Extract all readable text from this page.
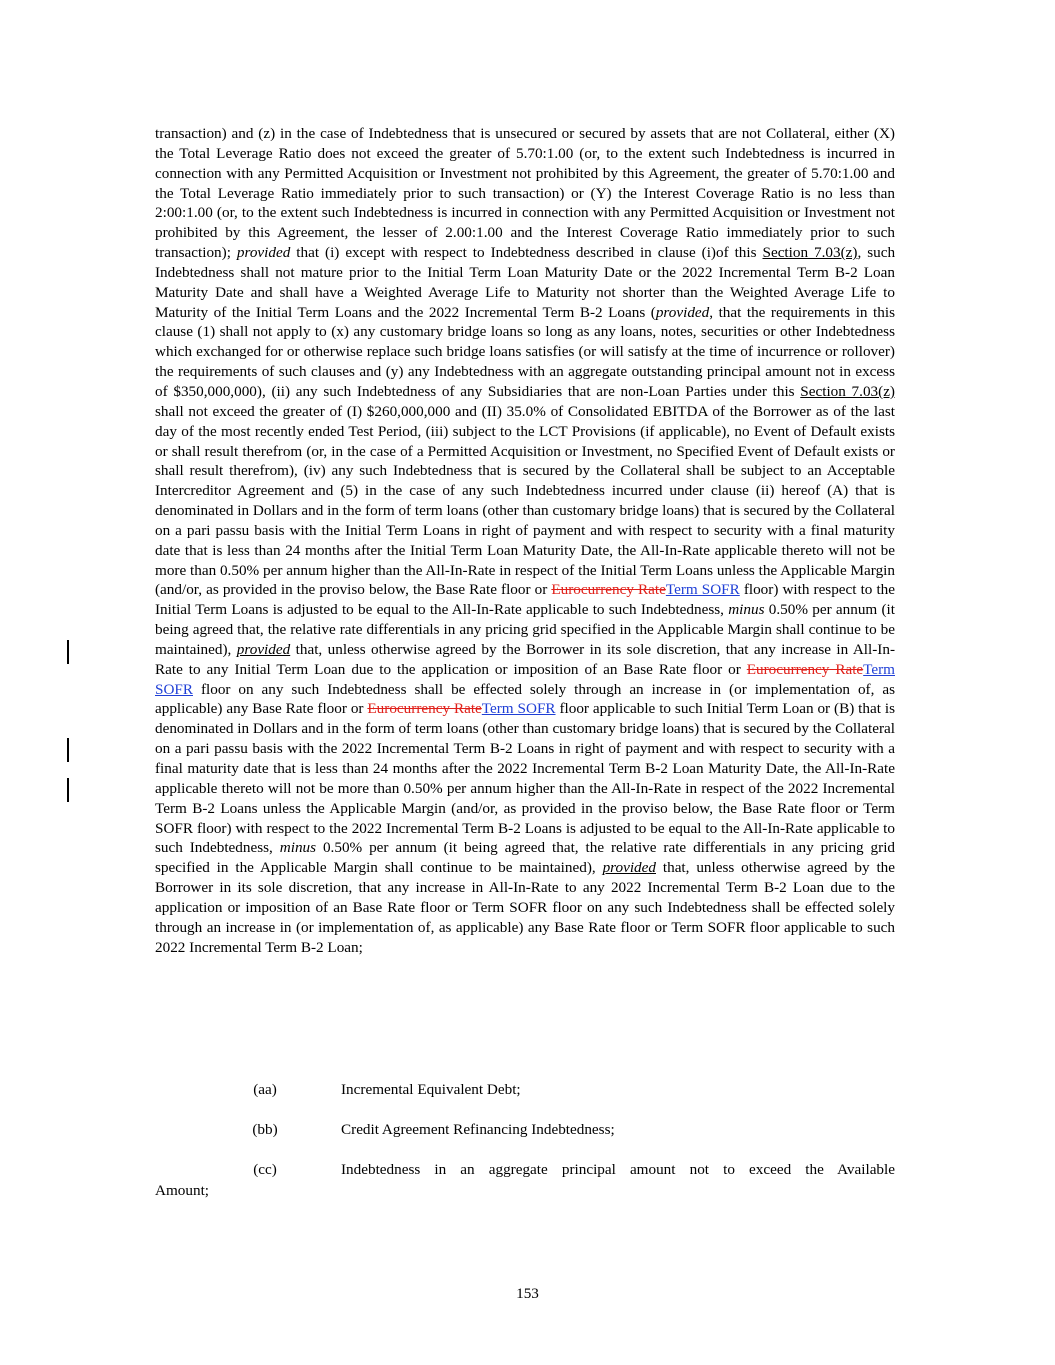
transaction) and (z) in the case of Indebtedness that is unsecured or secured by assets that are not Collateral, either (X) the Total Leverage Ratio does not exceed the greater of 5.70:1.00 (or, to the extent such Indebtedness is incurred in connection with any Permitted Acquisition or Investment not prohibited by this Agreement, the greater of 5.70:1.00 and the Total Leverage Ratio immediately prior to such transaction) or (Y) the Interest Coverage Ratio is no less than 2:00:1.00 (or, to the extent such Indebtedness is incurred in connection with any Permitted Acquisition or Investment not prohibited by this Agreement, the lesser of 2.00:1.00 and the Interest Coverage Ratio immediately prior to such transaction); provided that (i) except with respect to Indebtedness described in clause (i)of this Section 7.03(z), such Indebtedness shall not mature prior to the Initial Term Loan Maturity Date or the 2022 Incremental Term B-2 Loan Maturity Date and shall have a Weighted Average Life to Maturity not shorter than the Weighted Average Life to Maturity of the Initial Term Loans and the 2022 Incremental Term B-2 Loans (provided, that the requirements in this clause (1) shall not apply to (x) any customary bridge loans so long as any loans, notes, securities or other Indebtedness which exchanged for or otherwise replace such bridge loans satisfies (or will satisfy at the time of incurrence or rollover) the requirements of such clauses and (y) any Indebtedness with an aggregate outstanding principal amount not in excess of $350,000,000), (ii) any such Indebtedness of any Subsidiaries that are non-Loan Parties under this Section 7.03(z) shall not exceed the greater of (I) $260,000,000 and (II) 35.0% of Consolidated EBITDA of the Borrower as of the last day of the most recently ended Test Period, (iii) subject to the LCT Provisions (if applicable), no Event of Default exists or shall result therefrom (or, in the case of a Permitted Acquisition or Investment, no Specified Event of Default exists or shall result therefrom), (iv) any such Indebtedness that is secured by the Collateral shall be subject to an Acceptable Intercreditor Agreement and (5) in the case of any such Indebtedness incurred under clause (ii) hereof (A) that is denominated in Dollars and in the form of term loans (other than customary bridge loans) that is secured by the Collateral on a pari passu basis with the Initial Term Loans in right of payment and with respect to security with a final maturity date that is less than 24 months after the Initial Term Loan Maturity Date, the All-In-Rate applicable thereto will not be more than 0.50% per annum higher than the All-In-Rate in respect of the Initial Term Loans unless the Applicable Margin (and/or, as provided in the proviso below, the Base Rate floor or Eurocurrency RateTerm SOFR floor) with respect to the Initial Term Loans is adjusted to be equal to the All-In-Rate applicable to such Indebtedness, minus 0.50% per annum (it being agreed that, the relative rate differentials in any pricing grid specified in the Applicable Margin shall continue to be maintained), provided that, unless otherwise agreed by the Borrower in its sole discretion, that any increase in All-In-Rate to any Initial Term Loan due to the application or imposition of an Base Rate floor or Eurocurrency RateTerm SOFR floor on any such Indebtedness shall be effected solely through an increase in (or implementation of, as applicable) any Base Rate floor or Eurocurrency RateTerm SOFR floor applicable to such Initial Term Loan or (B) that is denominated in Dollars and in the form of term loans (other than customary bridge loans) that is secured by the Collateral on a pari passu basis with the 2022 Incremental Term B-2 Loans in right of payment and with respect to security with a final maturity date that is less than 24 months after the 2022 Incremental Term B-2 Loan Maturity Date, the All-In-Rate applicable thereto will not be more than 0.50% per annum higher than the All-In-Rate in respect of the 2022 Incremental Term B-2 Loans unless the Applicable Margin (and/or, as provided in the proviso below, the Base Rate floor or Term SOFR floor) with respect to the 2022 Incremental Term B-2 Loans is adjusted to be equal to the All-In-Rate applicable to such Indebtedness, minus 0.50% per annum (it being agreed that, the relative rate differentials in any pricing grid specified in the Applicable Margin shall continue to be maintained), provided that, unless otherwise agreed by the Borrower in its sole discretion, that any increase in All-In-Rate to any 2022 Incremental Term B-2 Loan due to the application or imposition of an Base Rate floor or Term SOFR floor on any such Indebtedness shall be effected solely through an increase in (or implementation of, as applicable) any Base Rate floor or Term SOFR floor applicable to such 2022 Incremental Term B-2 Loan;

(aa)	Incremental Equivalent Debt;
(bb)	Credit Agreement Refinancing Indebtedness;
(cc)	Indebtedness in an aggregate principal amount not to exceed the Available
Amount;
153
